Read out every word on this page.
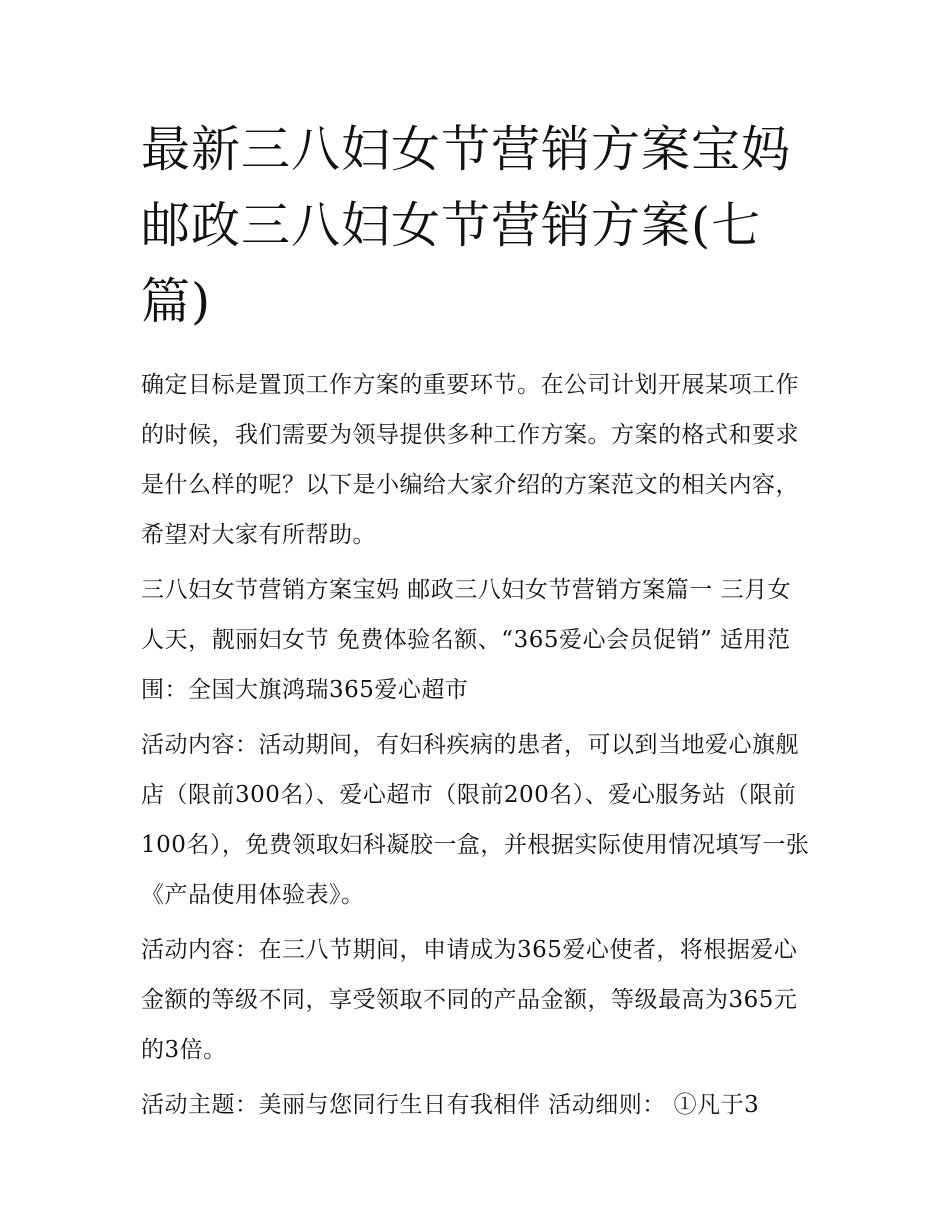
最新三八妇女节营销方案宝妈 邮政三八妇女节营销方案(七篇)

确定目标是置顶工作方案的重要环节。在公司计划开展某项工作的时候，我们需要为领导提供多种工作方案。方案的格式和要求是什么样的呢？以下是小编给大家介绍的方案范文的相关内容，希望对大家有所帮助。

三八妇女节营销方案宝妈 邮政三八妇女节营销方案篇一 三月女人天，靓丽妇女节 免费体验名额、“365爱心会员促销” 适用范围：全国大旗鸿瑞365爱心超市

活动内容：活动期间，有妇科疾病的患者，可以到当地爱心旗舰店（限前300名）、爱心超市（限前200名）、爱心服务站（限前100名），免费领取妇科凝胶一盒，并根据实际使用情况填写一张《产品使用体验表》。

活动内容：在三八节期间，申请成为365爱心使者，将根据爱心金额的等级不同，享受领取不同的产品金额，等级最高为365元的3倍。

活动主题：美丽与您同行生日有我相伴 活动细则： ①凡于3
